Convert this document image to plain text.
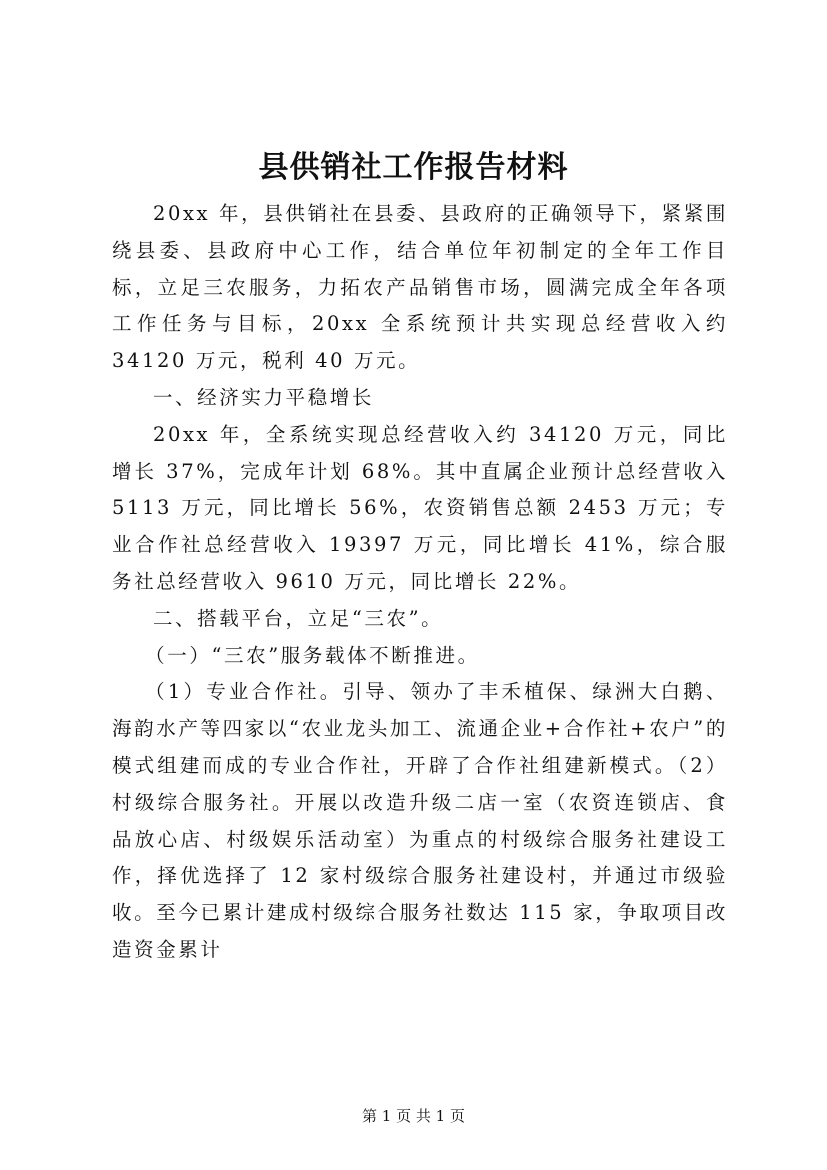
县供销社工作报告材料

20xx 年，县供销社在县委、县政府的正确领导下，紧紧围绕县委、县政府中心工作，结合单位年初制定的全年工作目标，立足三农服务，力拓农产品销售市场，圆满完成全年各项工作任务与目标，20xx 全系统预计共实现总经营收入约 34120 万元，税利 40 万元。

一、经济实力平稳增长

20xx 年，全系统实现总经营收入约 34120 万元，同比增长 37%，完成年计划 68%。其中直属企业预计总经营收入 5113 万元，同比增长 56%，农资销售总额 2453 万元；专业合作社总经营收入 19397 万元，同比增长 41%，综合服务社总经营收入 9610 万元，同比增长 22%。

二、搭载平台，立足“三农”。

（一）“三农”服务载体不断推进。

（1）专业合作社。引导、领办了丰禾植保、绿洲大白鹅、海韵水产等四家以“农业龙头加工、流通企业+合作社+农户”的模式组建而成的专业合作社，开辟了合作社组建新模式。（2）村级综合服务社。开展以改造升级二店一室（农资连锁店、食品放心店、村级娱乐活动室）为重点的村级综合服务社建设工作，择优选择了 12 家村级综合服务社建设村，并通过市级验收。至今已累计建成村级综合服务社数达 115 家，争取项目改造资金累计

第 1 页 共 1 页
